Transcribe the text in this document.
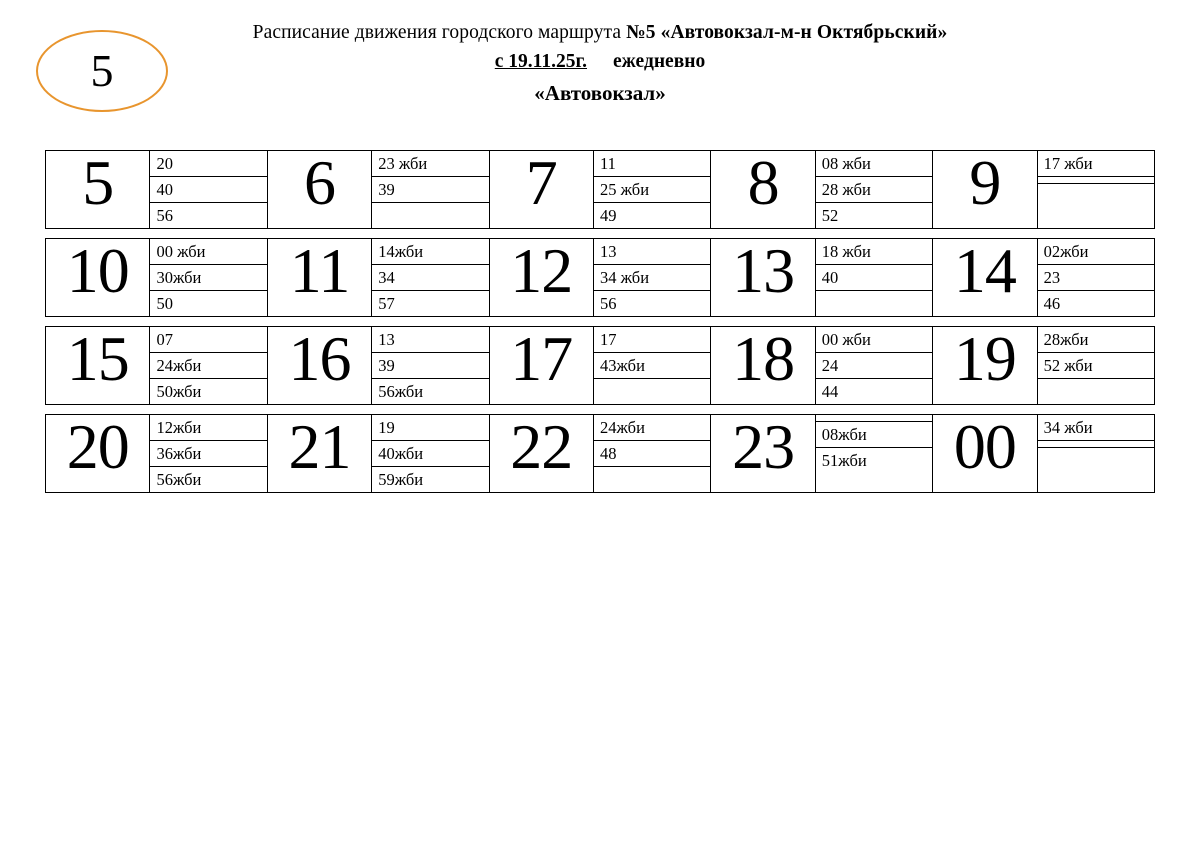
Расписание движения городского маршрута №5 «Автовокзал-м-н Октябрьский»
с 19.11.25г. ежедневно
«Автовокзал»
5
5		20
40
56
	6		23 жби
39

	7		11
25 жби
49
	8		08 жби
28 жби
52
	9		17 жби

10	00 жби
30жби
50
	11	14жби
34
57
	12	13
34 жби
56
	13	18 жби
40

	14	02жби
23
46

15	07
24жби
50жби
	16	13
39
56жби
	17	17
43жби

	18	00 жби
24
44
	19	28жби
52 жби

20	12жби
36жби
56жби
	21	19
40жби
59жби
	22	24жби
48

	23	08жби
51жби
	00	34 жби
